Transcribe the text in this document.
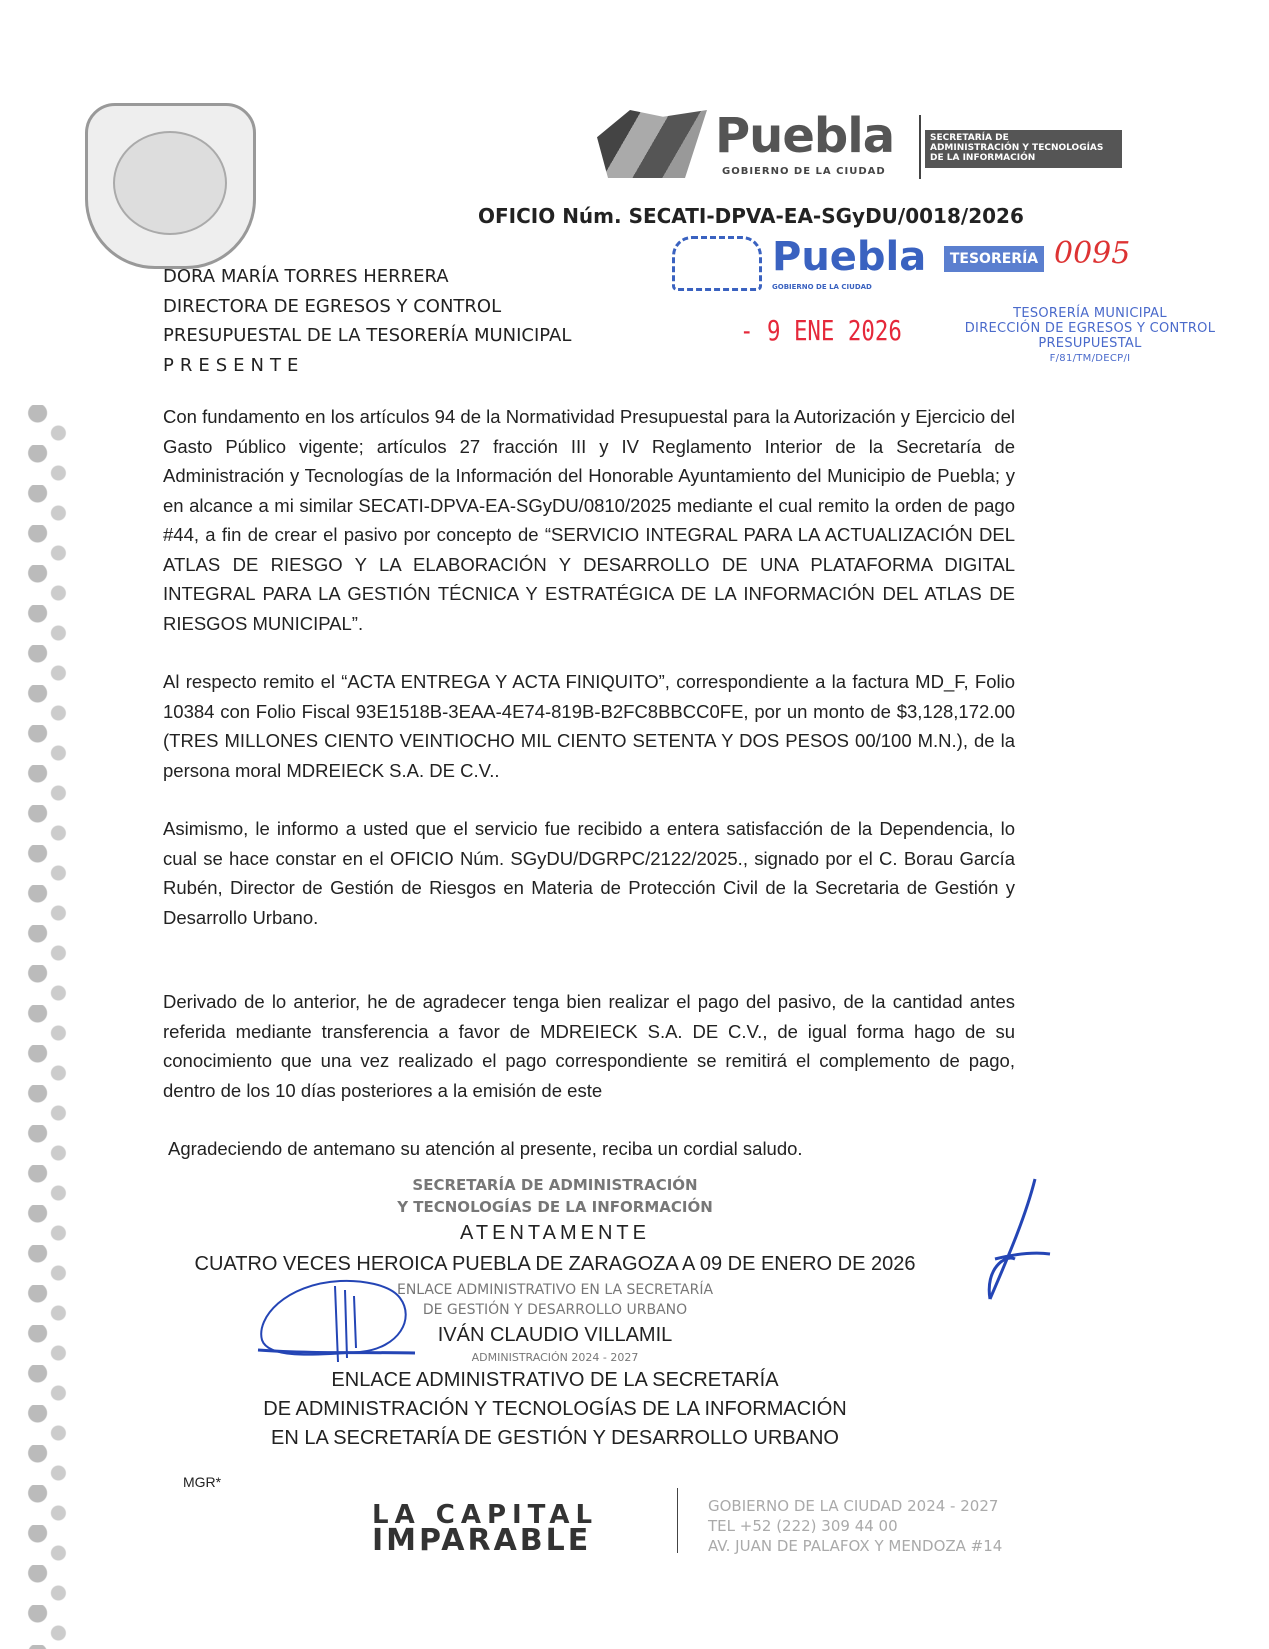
Puebla
GOBIERNO DE LA CIUDAD
SECRETARÍA DE
ADMINISTRACIÓN Y TECNOLOGÍAS
DE LA INFORMACIÓN
OFICIO Núm. SECATI-DPVA-EA-SGyDU/0018/2026
Puebla	TESORERÍA
GOBIERNO DE LA CIUDAD
0095
- 9 ENE 2026
TESORERÍA MUNICIPAL
DIRECCIÓN DE EGRESOS Y CONTROL
PRESUPUESTAL
F/81/TM/DECP/I
DORA MARÍA TORRES HERRERA
DIRECTORA DE EGRESOS Y CONTROL
PRESUPUESTAL DE LA TESORERÍA MUNICIPAL
PRESENTE
Con fundamento en los artículos 94 de la Normatividad Presupuestal para la Autorización y Ejercicio del Gasto Público vigente; artículos 27 fracción III y IV Reglamento Interior de la Secretaría de Administración y Tecnologías de la Información del Honorable Ayuntamiento del Municipio de Puebla; y en alcance a mi similar SECATI-DPVA-EA-SGyDU/0810/2025 mediante el cual remito la orden de pago #44, a fin de crear el pasivo por concepto de “SERVICIO INTEGRAL PARA LA ACTUALIZACIÓN DEL ATLAS DE RIESGO Y LA ELABORACIÓN Y DESARROLLO DE UNA PLATAFORMA DIGITAL INTEGRAL PARA LA GESTIÓN TÉCNICA Y ESTRATÉGICA DE LA INFORMACIÓN DEL ATLAS DE RIESGOS MUNICIPAL”.
Al respecto remito el “ACTA ENTREGA Y ACTA FINIQUITO”, correspondiente a la factura MD_F, Folio 10384 con Folio Fiscal 93E1518B-3EAA-4E74-819B-B2FC8BBCC0FE, por un monto de $3,128,172.00 (TRES MILLONES CIENTO VEINTIOCHO MIL CIENTO SETENTA Y DOS PESOS 00/100 M.N.), de la persona moral MDREIECK S.A. DE C.V..
Asimismo, le informo a usted que el servicio fue recibido a entera satisfacción de la Dependencia, lo cual se hace constar en el OFICIO Núm. SGyDU/DGRPC/2122/2025., signado por el C. Borau García Rubén, Director de Gestión de Riesgos en Materia de Protección Civil de la Secretaria de Gestión y Desarrollo Urbano.
Derivado de lo anterior, he de agradecer tenga bien realizar el pago del pasivo, de la cantidad antes referida mediante transferencia a favor de MDREIECK S.A. DE C.V., de igual forma hago de su conocimiento que una vez realizado el pago correspondiente se remitirá el complemento de pago, dentro de los 10 días posteriores a la emisión de este
Agradeciendo de antemano su atención al presente, reciba un cordial saludo.
SECRETARÍA DE ADMINISTRACIÓN
Y TECNOLOGÍAS DE LA INFORMACIÓN
ATENTAMENTE
CUATRO VECES HEROICA PUEBLA DE ZARAGOZA A 09 DE ENERO DE 2026
ENLACE ADMINISTRATIVO EN LA SECRETARÍA
DE GESTIÓN Y DESARROLLO URBANO
IVÁN CLAUDIO VILLAMIL
ADMINISTRACIÓN 2024 - 2027
ENLACE ADMINISTRATIVO DE LA SECRETARÍA
DE ADMINISTRACIÓN Y TECNOLOGÍAS DE LA INFORMACIÓN
EN LA SECRETARÍA DE GESTIÓN Y DESARROLLO URBANO
MGR*
LA CAPITAL
IMPARABLE
GOBIERNO DE LA CIUDAD 2024 - 2027
TEL +52 (222) 309 44 00
AV. JUAN DE PALAFOX Y MENDOZA #14
